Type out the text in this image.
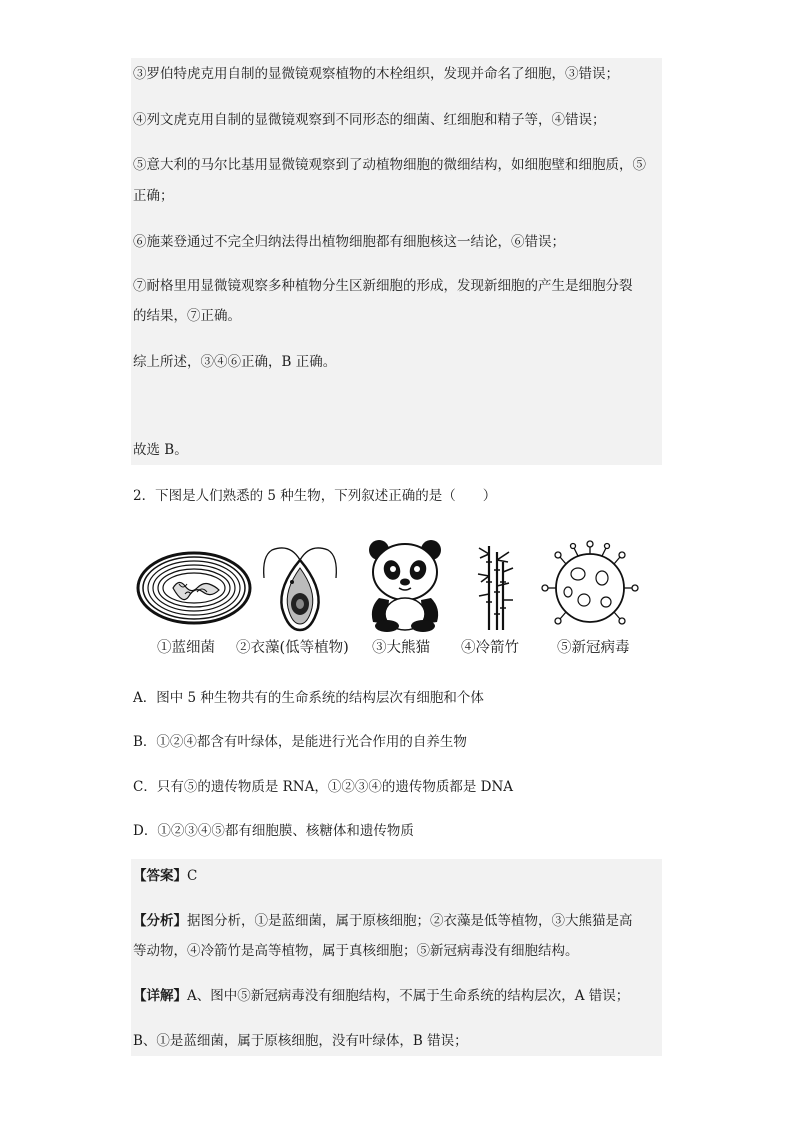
③罗伯特虎克用自制的显微镜观察植物的木栓组织，发现并命名了细胞，③错误；
④列文虎克用自制的显微镜观察到不同形态的细菌、红细胞和精子等，④错误；
⑤意大利的马尔比基用显微镜观察到了动植物细胞的微细结构，如细胞壁和细胞质，⑤
正确；
⑥施莱登通过不完全归纳法得出植物细胞都有细胞核这一结论，⑥错误；
⑦耐格里用显微镜观察多种植物分生区新细胞的形成，发现新细胞的产生是细胞分裂
的结果，⑦正确。
综上所述，③④⑥正确，B 正确。
故选 B。
2．下图是人们熟悉的 5 种生物，下列叙述正确的是（　　）
①蓝细菌 ②衣藻(低等植物) ③大熊猫 ④冷箭竹	⑤新冠病毒
A．图中 5 种生物共有的生命系统的结构层次有细胞和个体
B．①②④都含有叶绿体，是能进行光合作用的自养生物
C．只有⑤的遗传物质是 RNA，①②③④的遗传物质都是 DNA
D．①②③④⑤都有细胞膜、核糖体和遗传物质
【答案】C
【分析】据图分析，①是蓝细菌，属于原核细胞；②衣藻是低等植物，③大熊猫是高
等动物，④冷箭竹是高等植物，属于真核细胞；⑤新冠病毒没有细胞结构。
【详解】A、图中⑤新冠病毒没有细胞结构，不属于生命系统的结构层次，A 错误；
B、①是蓝细菌，属于原核细胞，没有叶绿体，B 错误；
